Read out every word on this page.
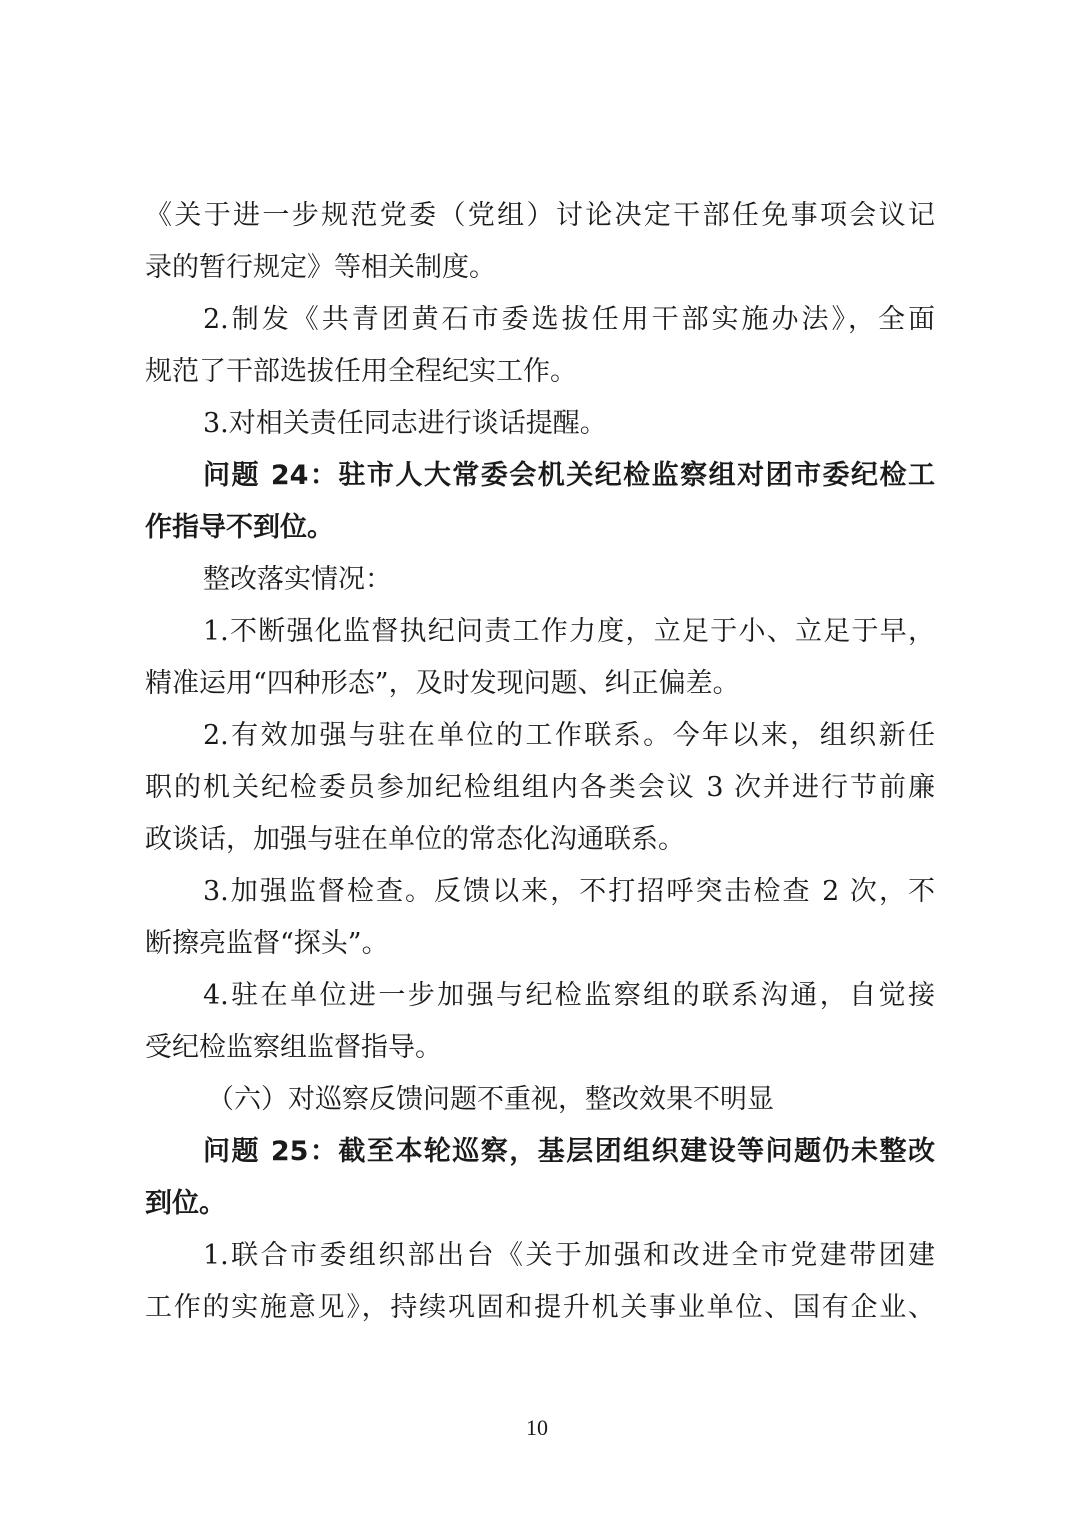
《关于进一步规范党委（党组）讨论决定干部任免事项会议记
录的暂行规定》等相关制度。
2.制发《共青团黄石市委选拔任用干部实施办法》，全面
规范了干部选拔任用全程纪实工作。
3.对相关责任同志进行谈话提醒。
问题 24：驻市人大常委会机关纪检监察组对团市委纪检工
作指导不到位。
整改落实情况：
1.不断强化监督执纪问责工作力度，立足于小、立足于早，
精准运用“四种形态”，及时发现问题、纠正偏差。
2.有效加强与驻在单位的工作联系。今年以来，组织新任
职的机关纪检委员参加纪检组组内各类会议 3 次并进行节前廉
政谈话，加强与驻在单位的常态化沟通联系。
3.加强监督检查。反馈以来，不打招呼突击检查 2 次，不
断擦亮监督“探头”。
4.驻在单位进一步加强与纪检监察组的联系沟通，自觉接
受纪检监察组监督指导。
（六）对巡察反馈问题不重视，整改效果不明显
问题 25：截至本轮巡察，基层团组织建设等问题仍未整改
到位。
1.联合市委组织部出台《关于加强和改进全市党建带团建
工作的实施意见》，持续巩固和提升机关事业单位、国有企业、
10
